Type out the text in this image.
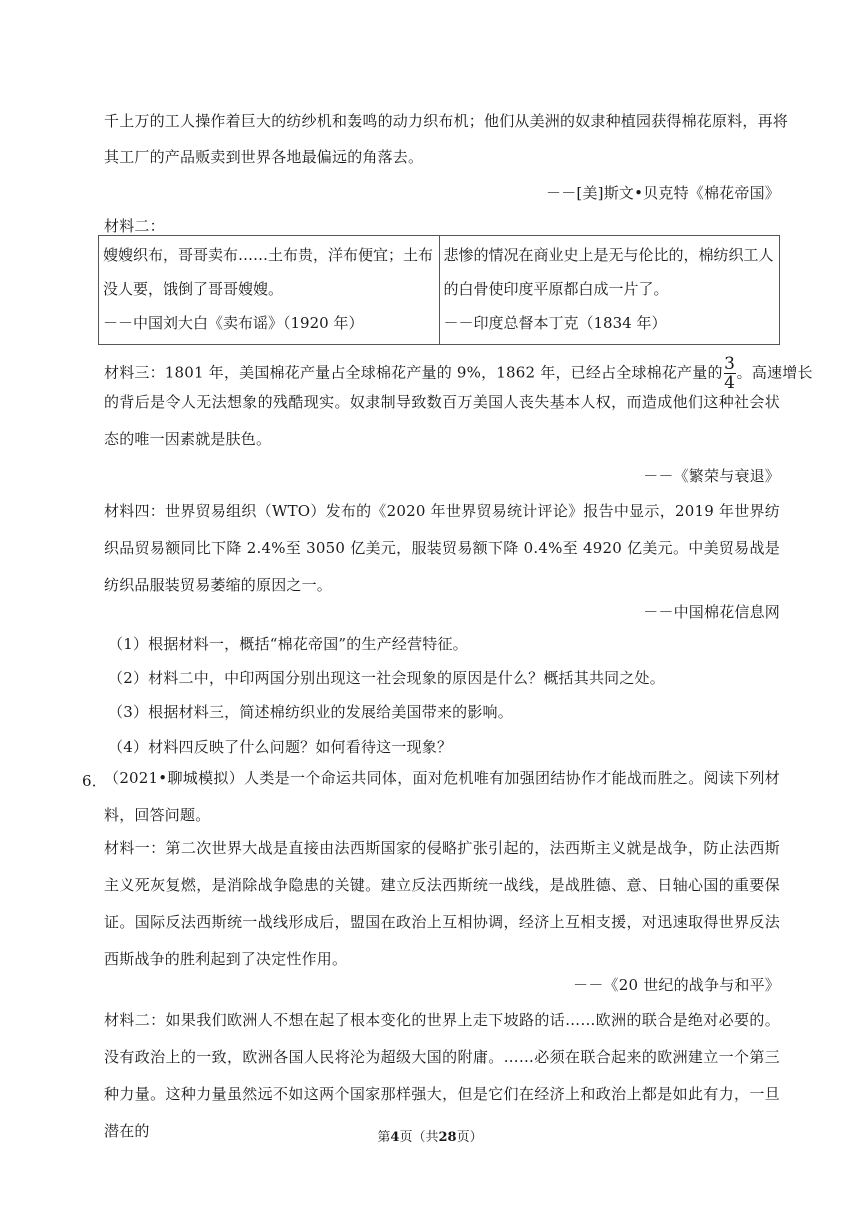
千上万的工人操作着巨大的纺纱机和轰鸣的动力织布机；他们从美洲的奴隶种植园获得棉花原料，再将
其工厂的产品贩卖到世界各地最偏远的角落去。
－－[美]斯文•贝克特《棉花帝国》
材料二：
嫂嫂织布，哥哥卖布……土布贵，洋布便宜；土布没人要，饿倒了哥哥嫂嫂。
－－中国刘大白《卖布谣》（1920 年）

悲惨的情况在商业史上是无与伦比的，棉纺织工人的白骨使印度平原都白成一片了。
－－印度总督本丁克（1834 年）
材料三：1801 年，美国棉花产量占全球棉花产量的 9%，1862 年，已经占全球棉花产量的 $\frac{3}{4}$ 。高速增长
的背后是令人无法想象的残酷现实。奴隶制导致数百万美国人丧失基本人权，而造成他们这种社会状态的唯一因素就是肤色。
－－《繁荣与衰退》
材料四：世界贸易组织（WTO）发布的《2020 年世界贸易统计评论》报告中显示，2019 年世界纺织品贸易额同比下降 2.4%至 3050 亿美元，服装贸易额下降 0.4%至 4920 亿美元。中美贸易战是纺织品服装贸易萎缩的原因之一。
－－中国棉花信息网
（1）根据材料一，概括“棉花帝国”的生产经营特征。
（2）材料二中，中印两国分别出现这一社会现象的原因是什么？概括其共同之处。
（3）根据材料三，简述棉纺织业的发展给美国带来的影响。
（4）材料四反映了什么问题？如何看待这一现象？
6．
（2021•聊城模拟）人类是一个命运共同体，面对危机唯有加强团结协作才能战而胜之。阅读下列材料，回答问题。
材料一：第二次世界大战是直接由法西斯国家的侵略扩张引起的，法西斯主义就是战争，防止法西斯主义死灰复燃，是消除战争隐患的关键。建立反法西斯统一战线，是战胜德、意、日轴心国的重要保证。国际反法西斯统一战线形成后，盟国在政治上互相协调，经济上互相支援，对迅速取得世界反法西斯战争的胜利起到了决定性作用。
－－《20 世纪的战争与和平》
材料二：如果我们欧洲人不想在起了根本变化的世界上走下坡路的话……欧洲的联合是绝对必要的。没有政治上的一致，欧洲各国人民将沦为超级大国的附庸。……必须在联合起来的欧洲建立一个第三种力量。这种力量虽然远不如这两个国家那样强大，但是它们在经济上和政治上都是如此有力，一旦潜在的	第4页（共28页）
